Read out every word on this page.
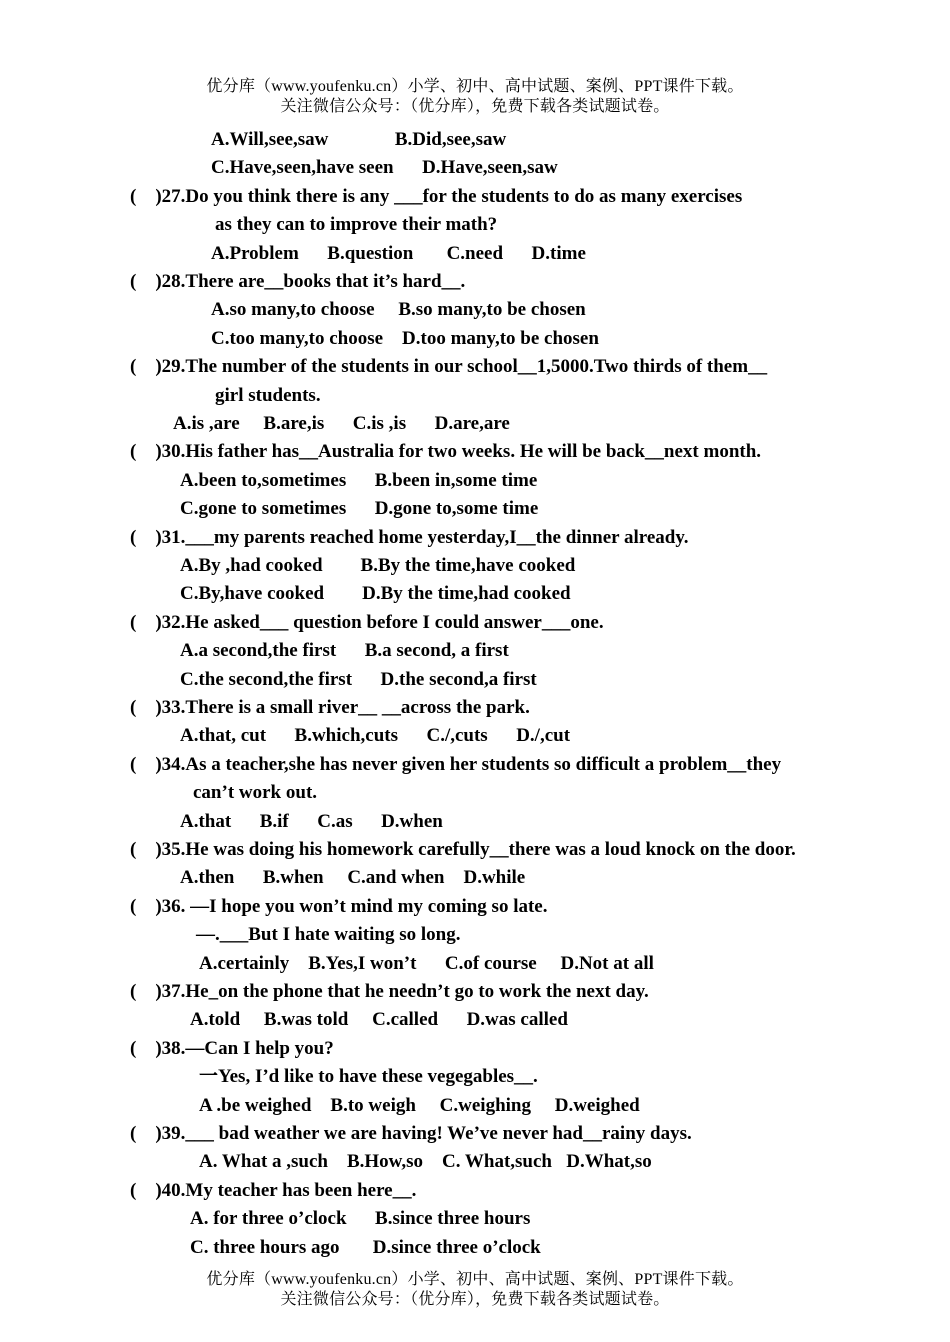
优分库（www.youfenku.cn）小学、初中、高中试题、案例、PPT课件下载。
关注微信公众号：（优分库），免费下载各类试题试卷。
A.Will,see,saw              B.Did,see,saw
C.Have,seen,have seen      D.Have,seen,saw
(    )27.Do you think there is any ___for the students to do as many exercises
as they can to improve their math?
A.Problem      B.question       C.need      D.time
(    )28.There are__books that it’s hard__.
A.so many,to choose     B.so many,to be chosen
C.too many,to choose    D.too many,to be chosen
(    )29.The number of the students in our school__1,5000.Two thirds of them__
girl students.
A.is ,are     B.are,is      C.is ,is      D.are,are
(    )30.His father has__Australia for two weeks. He will be back__next month.
A.been to,sometimes      B.been in,some time
C.gone to sometimes      D.gone to,some time
(    )31.___my parents reached home yesterday,I__the dinner already.
A.By ,had cooked        B.By the time,have cooked
C.By,have cooked        D.By the time,had cooked
(    )32.He asked___ question before I could answer___one.
A.a second,the first      B.a second, a first
C.the second,the first      D.the second,a first
(    )33.There is a small river__ __across the park.
A.that, cut      B.which,cuts      C./,cuts      D./,cut
(    )34.As a teacher,she has never given her students so difficult a problem__they
can’t work out.
A.that      B.if      C.as      D.when
(    )35.He was doing his homework carefully__there was a loud knock on the door.
A.then      B.when     C.and when    D.while
(    )36. —I hope you won’t mind my coming so late.
—.___But I hate waiting so long.
A.certainly    B.Yes,I won’t      C.of course     D.Not at all
(    )37.He_on the phone that he needn’t go to work the next day.
A.told     B.was told     C.called      D.was called
(    )38.—Can I help you?
一Yes, I’d like to have these vegegables__.
A .be weighed    B.to weigh     C.weighing     D.weighed
(    )39.___ bad weather we are having! We’ve never had__rainy days.
A. What a ,such    B.How,so    C. What,such   D.What,so
(    )40.My teacher has been here__.
A. for three o’clock      B.since three hours
C. three hours ago       D.since three o’clock
优分库（www.youfenku.cn）小学、初中、高中试题、案例、PPT课件下载。
关注微信公众号：（优分库），免费下载各类试题试卷。
